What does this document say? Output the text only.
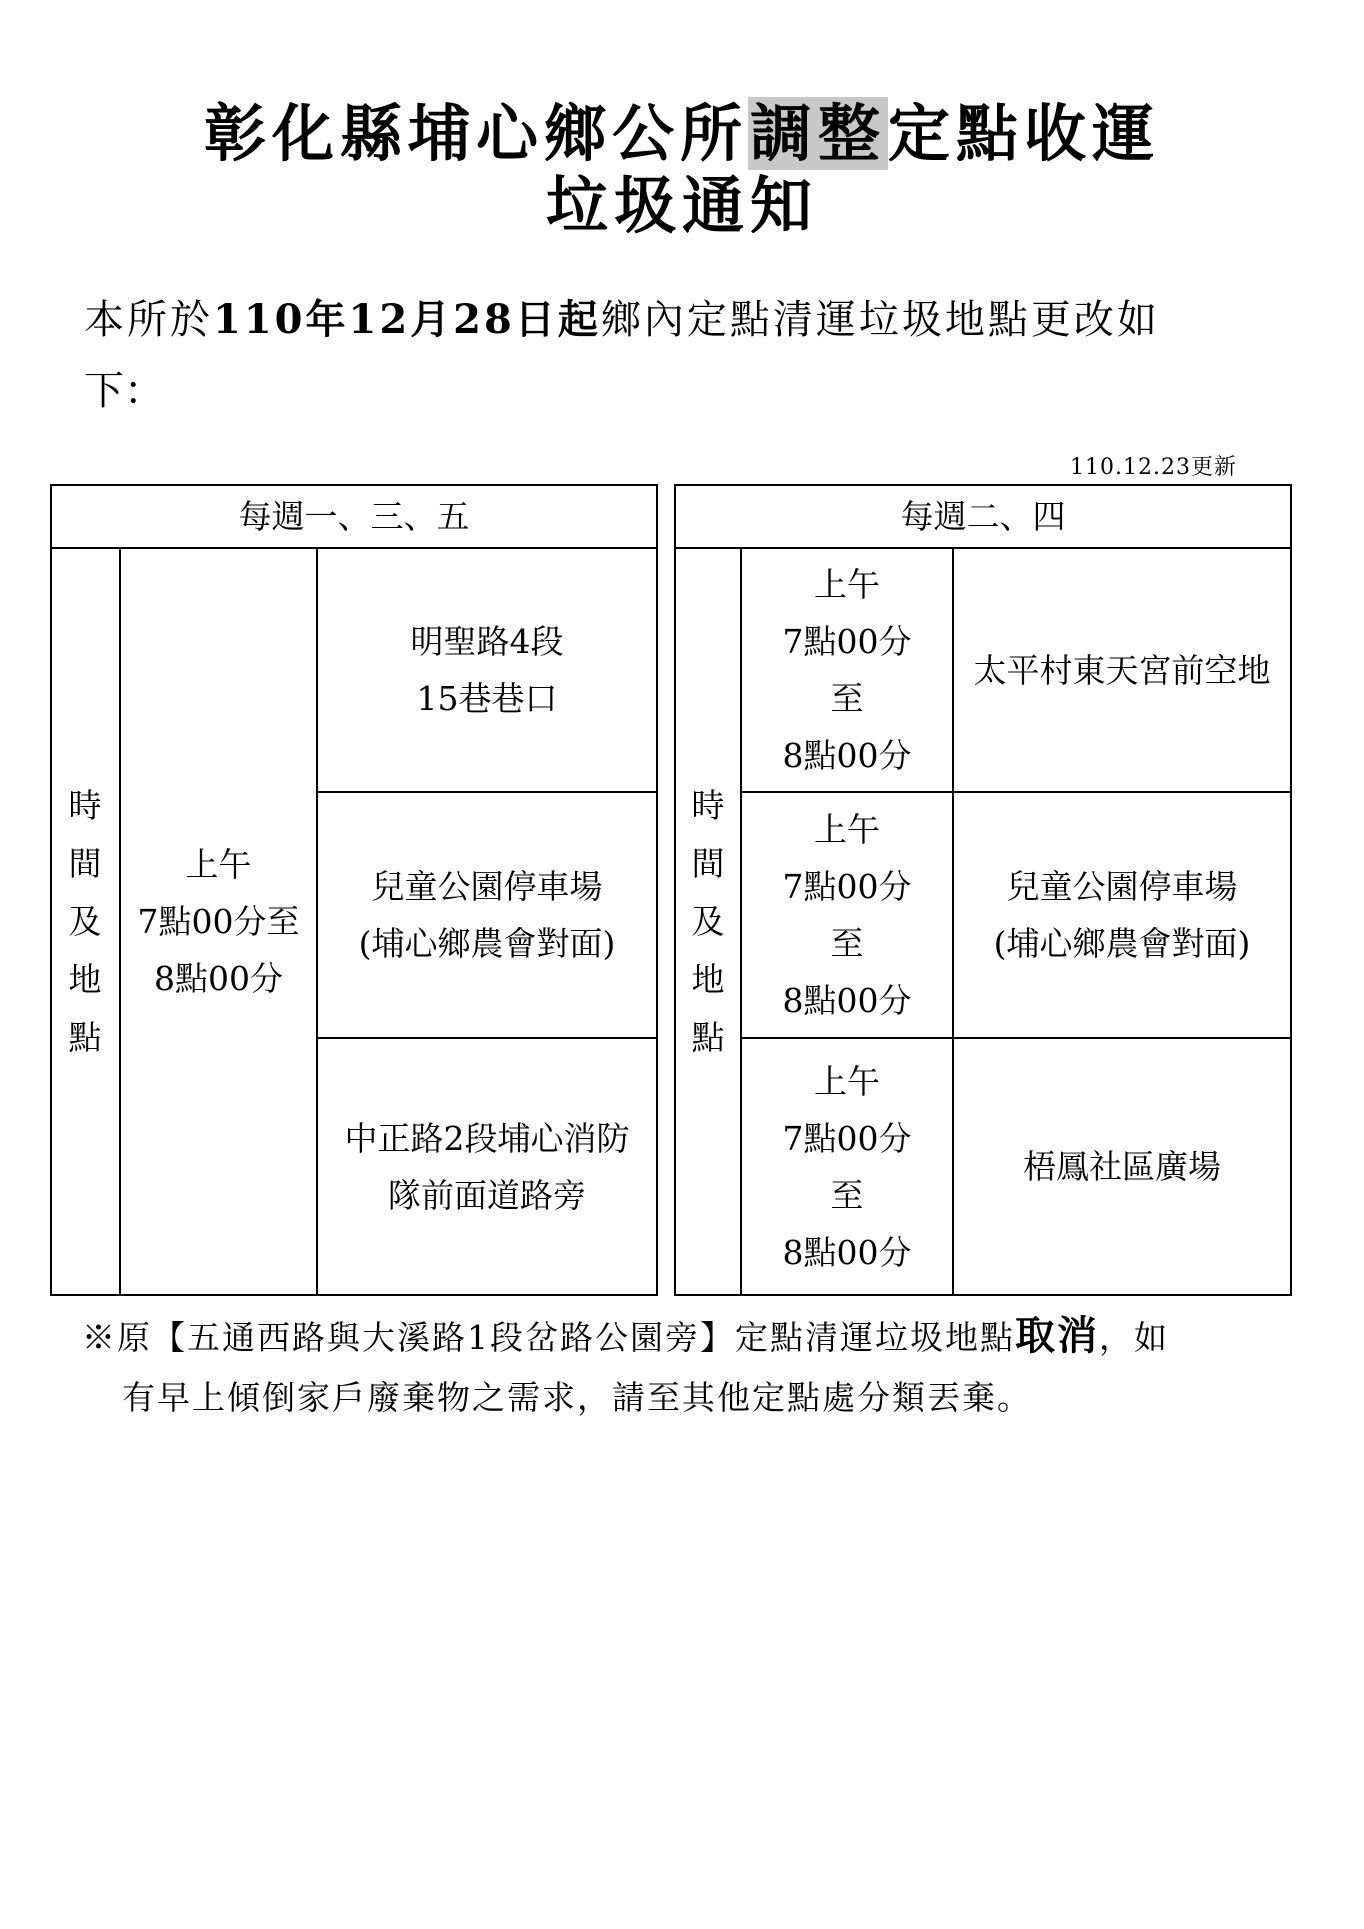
彰化縣埔心鄉公所調整定點收運
垃圾通知
本所於110年12月28日起鄉內定點清運垃圾地點更改如
下：
110.12.23更新
每週一、三、五
時
間
及
地
點
上午
7點00分至
8點00分
明聖路4段
15巷巷口
兒童公園停車場
(埔心鄉農會對面)
中正路2段埔心消防
隊前面道路旁
每週二、四
時
間
及
地
點
上午
7點00分
至
8點00分
太平村東天宮前空地
上午
7點00分
至
8點00分
兒童公園停車場
(埔心鄉農會對面)
上午
7點00分
至
8點00分
梧鳳社區廣場
※原【五通西路與大溪路1段岔路公園旁】定點清運垃圾地點取消，如
有早上傾倒家戶廢棄物之需求，請至其他定點處分類丟棄。
